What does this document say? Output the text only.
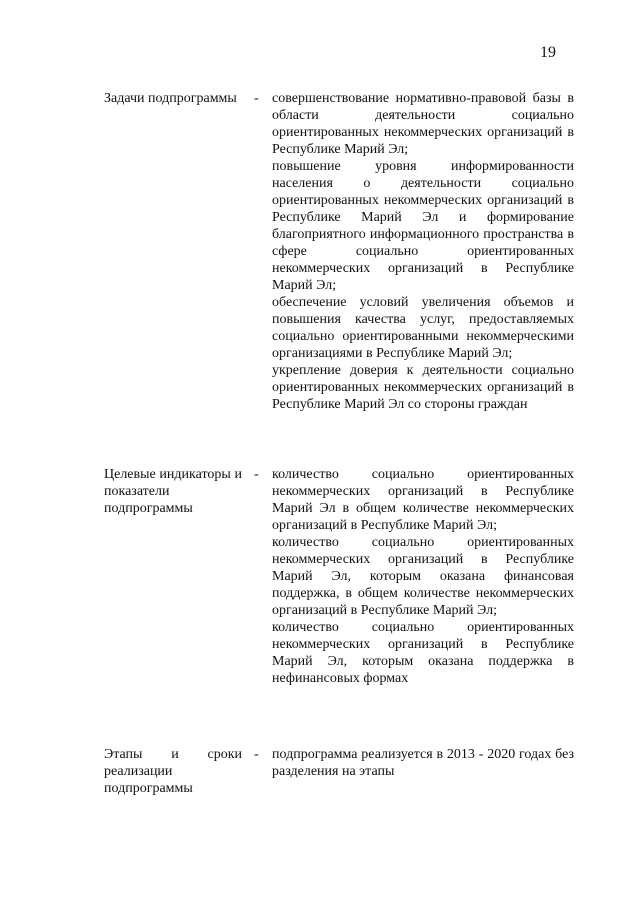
19
Задачи подпрограммы	- совершенствование нормативно-правовой базы в области деятельности социально ориентированных некоммерческих организаций в Республике Марий Эл;
повышение уровня информированности населения о деятельности социально ориентированных некоммерческих организаций в Республике Марий Эл и формирование благоприятного информационного пространства в сфере социально ориентированных некоммерческих организаций в Республике Марий Эл;
обеспечение условий увеличения объемов и повышения качества услуг, предоставляемых социально ориентированными некоммерческими организациями в Республике Марий Эл;
укрепление доверия к деятельности социально ориентированных некоммерческих организаций в Республике Марий Эл со стороны граждан
Целевые индикаторы и показатели подпрограммы
- количество социально ориентированных некоммерческих организаций в Республике Марий Эл в общем количестве некоммерческих организаций в Республике Марий Эл;
количество социально ориентированных некоммерческих организаций в Республике Марий Эл, которым оказана финансовая поддержка, в общем количестве некоммерческих организаций в Республике Марий Эл;
количество социально ориентированных некоммерческих организаций в Республике Марий Эл, которым оказана поддержка в нефинансовых формах
Этапы и сроки реализации подпрограммы
- подпрограмма реализуется в 2013 - 2020 годах без разделения на этапы
